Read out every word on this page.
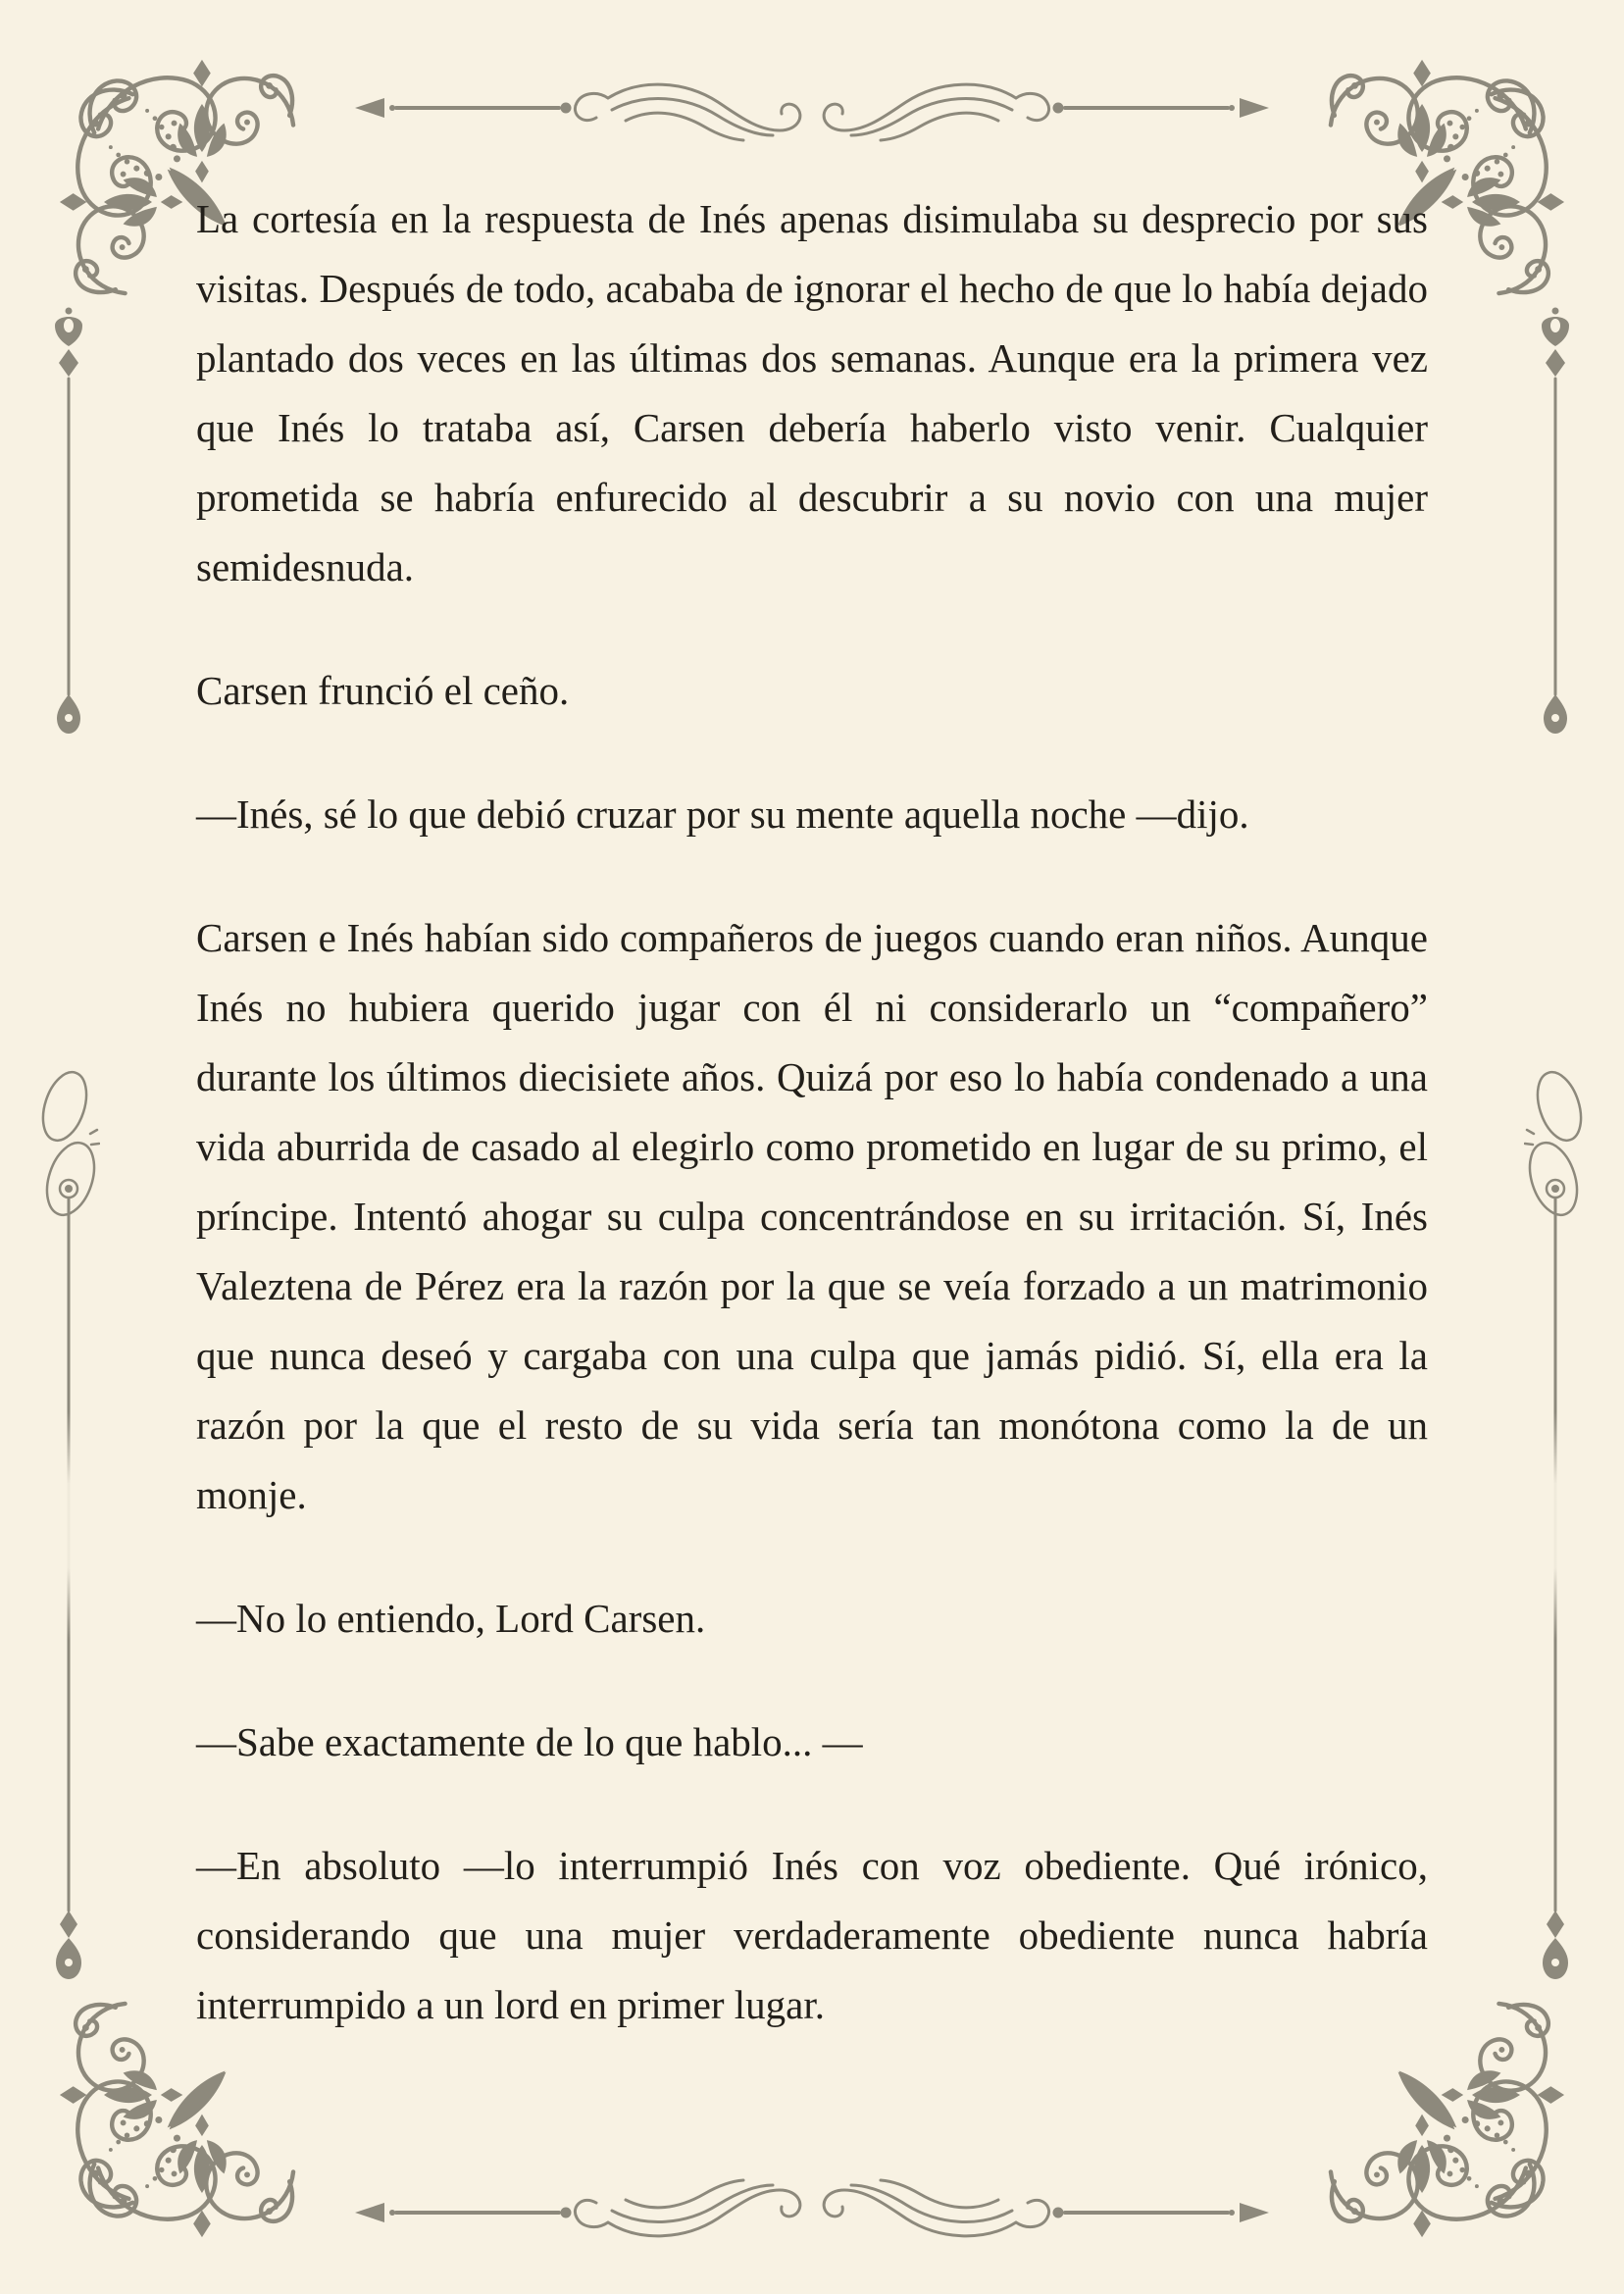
La cortesía en la respuesta de Inés apenas disimulaba su desprecio por sus visitas. Después de todo, acababa de ignorar el hecho de que lo había dejado plantado dos veces en las últimas dos semanas. Aunque era la primera vez que Inés lo trataba así, Carsen debería haberlo visto venir. Cualquier prometida se habría enfurecido al descubrir a su novio con una mujer semidesnuda.

Carsen frunció el ceño.

—Inés, sé lo que debió cruzar por su mente aquella noche —dijo.

Carsen e Inés habían sido compañeros de juegos cuando eran niños. Aunque Inés no hubiera querido jugar con él ni considerarlo un “compañero” durante los últimos diecisiete años. Quizá por eso lo había condenado a una vida aburrida de casado al elegirlo como prometido en lugar de su primo, el príncipe. Intentó ahogar su culpa concentrándose en su irritación. Sí, Inés Valeztena de Pérez era la razón por la que se veía forzado a un matrimonio que nunca deseó y cargaba con una culpa que jamás pidió. Sí, ella era la razón por la que el resto de su vida sería tan monótona como la de un monje.

—No lo entiendo, Lord Carsen.

—Sabe exactamente de lo que hablo... —

—En absoluto —lo interrumpió Inés con voz obediente. Qué irónico, considerando que una mujer verdaderamente obediente nunca habría interrumpido a un lord en primer lugar.
